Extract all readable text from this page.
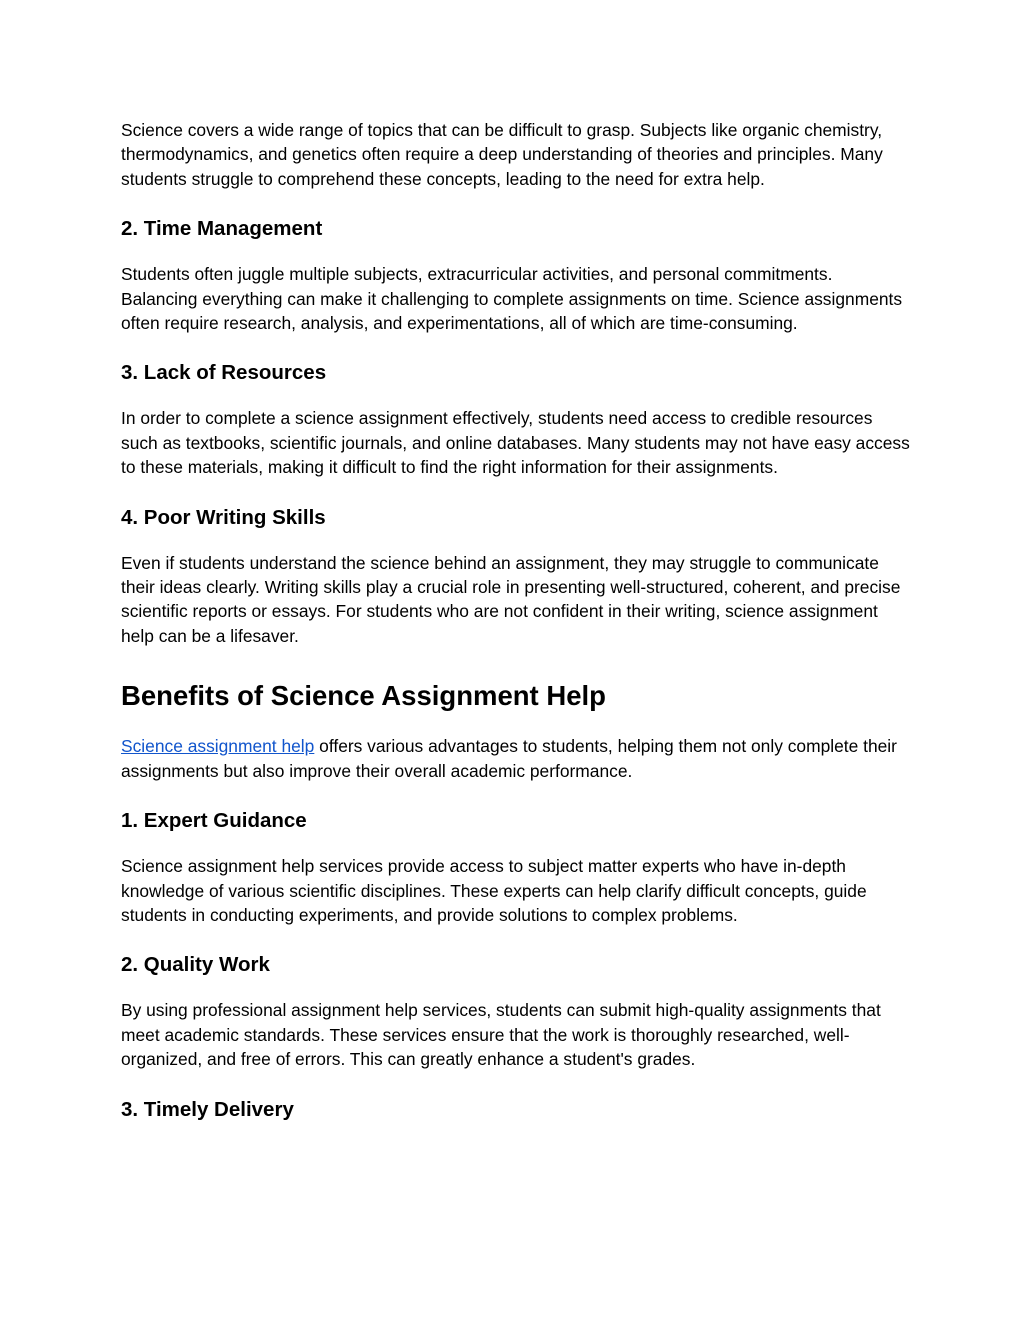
Science covers a wide range of topics that can be difficult to grasp. Subjects like organic chemistry, thermodynamics, and genetics often require a deep understanding of theories and principles. Many students struggle to comprehend these concepts, leading to the need for extra help.

2. Time Management

Students often juggle multiple subjects, extracurricular activities, and personal commitments. Balancing everything can make it challenging to complete assignments on time. Science assignments often require research, analysis, and experimentations, all of which are time-consuming.

3. Lack of Resources

In order to complete a science assignment effectively, students need access to credible resources such as textbooks, scientific journals, and online databases. Many students may not have easy access to these materials, making it difficult to find the right information for their assignments.

4. Poor Writing Skills

Even if students understand the science behind an assignment, they may struggle to communicate their ideas clearly. Writing skills play a crucial role in presenting well-structured, coherent, and precise scientific reports or essays. For students who are not confident in their writing, science assignment help can be a lifesaver.

Benefits of Science Assignment Help

Science assignment help offers various advantages to students, helping them not only complete their assignments but also improve their overall academic performance.

1. Expert Guidance

Science assignment help services provide access to subject matter experts who have in-depth knowledge of various scientific disciplines. These experts can help clarify difficult concepts, guide students in conducting experiments, and provide solutions to complex problems.

2. Quality Work

By using professional assignment help services, students can submit high-quality assignments that meet academic standards. These services ensure that the work is thoroughly researched, well-organized, and free of errors. This can greatly enhance a student's grades.

3. Timely Delivery
